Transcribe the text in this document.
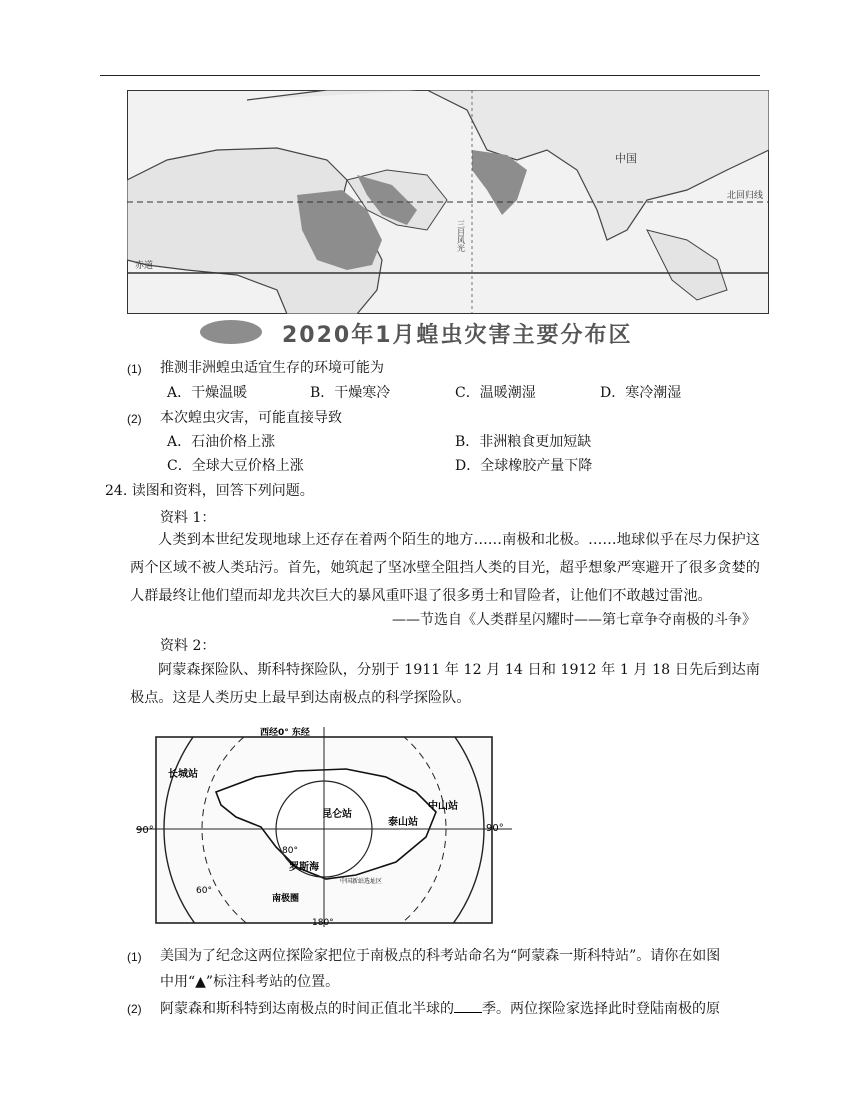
中国
北回归线
赤道
三目风光
2020年1月蝗虫灾害主要分布区
(1) 推测非洲蝗虫适宜生存的环境可能为
A．干燥温暖	B．干燥寒冷	C．温暖潮湿	D．寒冷潮湿
(2) 本次蝗虫灾害，可能直接导致
A．石油价格上涨	B．非洲粮食更加短缺
C．全球大豆价格上涨	D．全球橡胶产量下降
24. 读图和资料，回答下列问题。
资料 1：
人类到本世纪发现地球上还存在着两个陌生的地方……南极和北极。……地球似乎在尽力保护这两个区域不被人类玷污。首先，她筑起了坚冰壁全阻挡人类的目光，超乎想象严寒避开了很多贪婪的人群最终让他们望而却龙共次巨大的暴风重吓退了很多勇士和冒险者，让他们不敢越过雷池。
——节选自《人类群星闪耀时——第七章争夺南极的斗争》
资料 2：
阿蒙森探险队、斯科特探险队，分别于 1911 年 12 月 14 日和 1912 年 1 月 18 日先后到达南极点。这是人类历史上最早到达南极点的科学探险队。
西经0° 东经
90°	90°
180°
长城站
昆仑站
中山站
泰山站
罗斯海
南极圈
80°
60°
中国新站选址区
(1) 美国为了纪念这两位探险家把位于南极点的科考站命名为“阿蒙森一斯科特站”。请你在如图
中用“▲”标注科考站的位置。
(2) 阿蒙森和斯科特到达南极点的时间正值北半球的 季。两位探险家选择此时登陆南极的原
